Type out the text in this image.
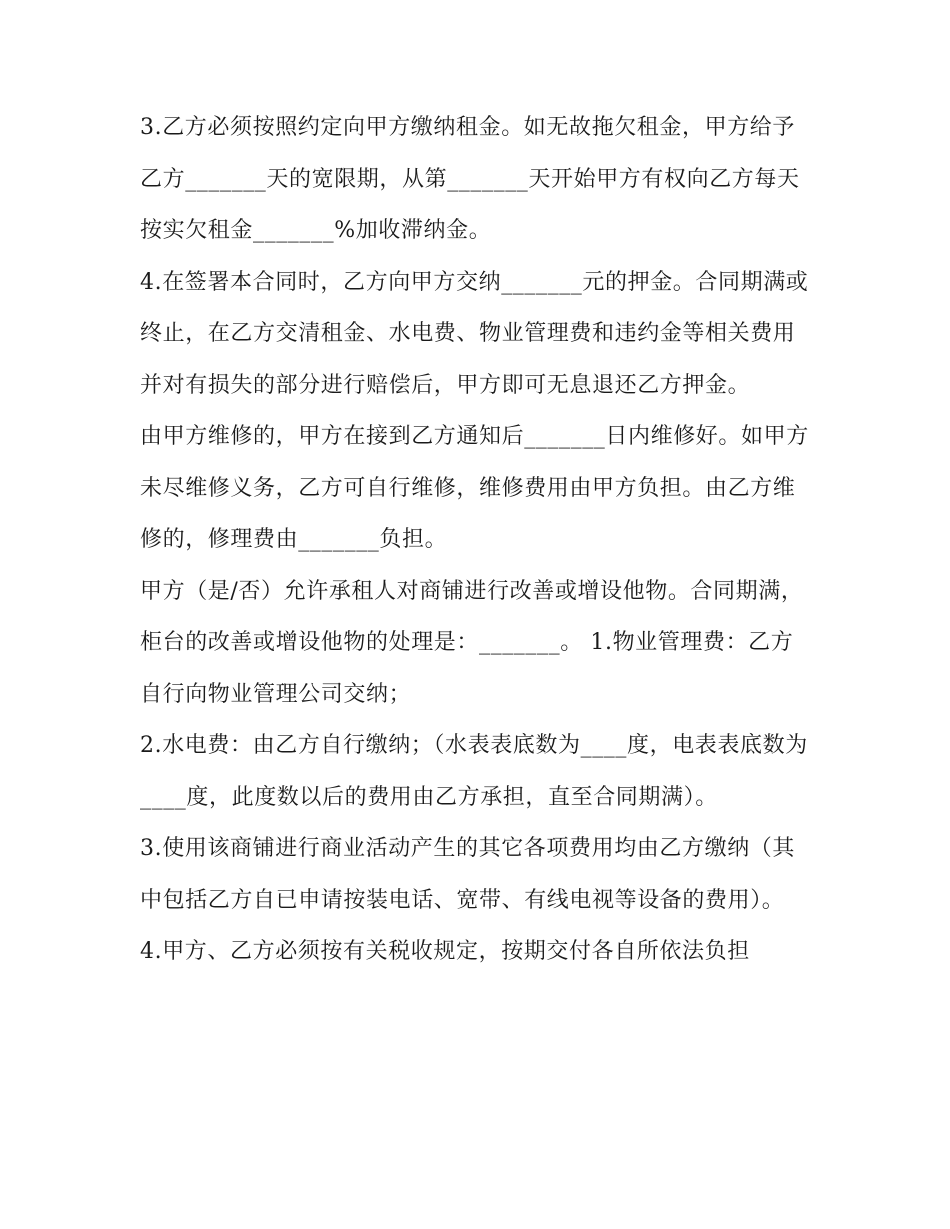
3.乙方必须按照约定向甲方缴纳租金。如无故拖欠租金，甲方给予乙方_______天的宽限期，从第_______天开始甲方有权向乙方每天按实欠租金_______%加收滞纳金。

4.在签署本合同时，乙方向甲方交纳_______元的押金。合同期满或终止，在乙方交清租金、水电费、物业管理费和违约金等相关费用并对有损失的部分进行赔偿后，甲方即可无息退还乙方押金。

由甲方维修的，甲方在接到乙方通知后_______日内维修好。如甲方未尽维修义务，乙方可自行维修，维修费用由甲方负担。由乙方维修的，修理费由_______负担。

甲方（是/否）允许承租人对商铺进行改善或增设他物。合同期满，柜台的改善或增设他物的处理是：_______。 1.物业管理费：乙方自行向物业管理公司交纳；

2.水电费：由乙方自行缴纳；（水表表底数为____度，电表表底数为____度，此度数以后的费用由乙方承担，直至合同期满）。

3.使用该商铺进行商业活动产生的其它各项费用均由乙方缴纳（其中包括乙方自已申请按装电话、宽带、有线电视等设备的费用）。

4.甲方、乙方必须按有关税收规定，按期交付各自所依法负担
